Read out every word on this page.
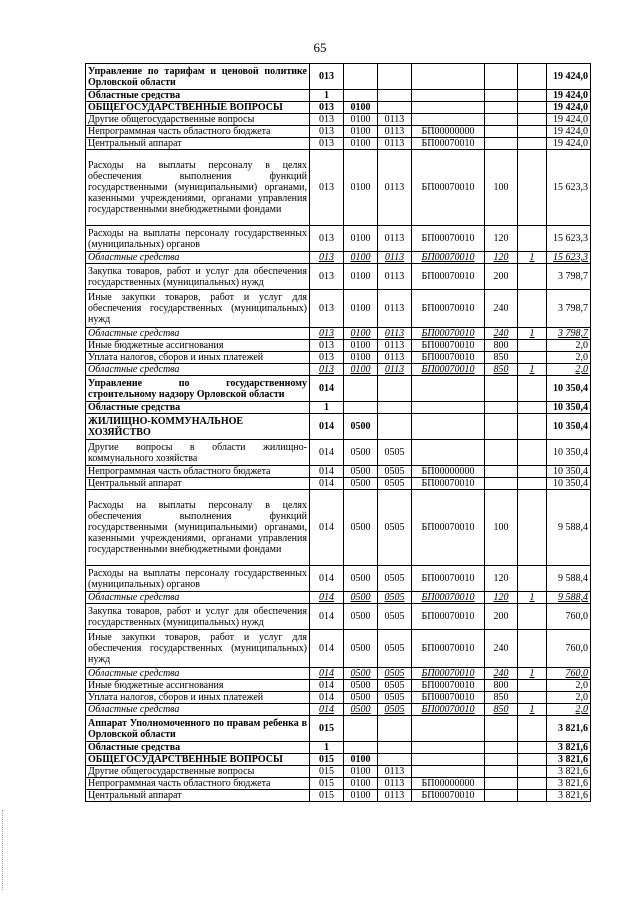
65
Управление по тарифам и ценовой политике Орловской области	013						19 424,0
Областные средства	1						19 424,0
ОБЩЕГОСУДАРСТВЕННЫЕ ВОПРОСЫ	013	0100					19 424,0
Другие общегосударственные вопросы	013	0100	0113				19 424,0
Непрограммная часть областного бюджета	013	0100	0113	БП00000000			19 424,0
Центральный аппарат	013	0100	0113	БП00070010			19 424,0
Расходы на выплаты персоналу в целях обеспечения выполнения функций государственными (муниципальными) органами, казенными учреждениями, органами управления государственными внебюджетными фондами	013	0100	0113	БП00070010	100		15 623,3
Расходы на выплаты персоналу государственных (муниципальных) органов	013	0100	0113	БП00070010	120		15 623,3
Областные средства	013	0100	0113	БП00070010	120	1	15 623,3
Закупка товаров, работ и услуг для обеспечения государственных (муниципальных) нужд	013	0100	0113	БП00070010	200		3 798,7
Иные закупки товаров, работ и услуг для обеспечения государственных (муниципальных) нужд	013	0100	0113	БП00070010	240		3 798,7
Областные средства	013	0100	0113	БП00070010	240	1	3 798,7
Иные бюджетные ассигнования	013	0100	0113	БП00070010	800		2,0
Уплата налогов, сборов и иных платежей	013	0100	0113	БП00070010	850		2,0
Областные средства	013	0100	0113	БП00070010	850	1	2,0
Управление по государственному строительному надзору Орловской области	014						10 350,4
Областные средства	1						10 350,4
ЖИЛИЩНО-КОММУНАЛЬНОЕ ХОЗЯЙСТВО	014	0500					10 350,4
Другие вопросы в области жилищно-коммунального хозяйства	014	0500	0505				10 350,4
Непрограммная часть областного бюджета	014	0500	0505	БП00000000			10 350,4
Центральный аппарат	014	0500	0505	БП00070010			10 350,4
Расходы на выплаты персоналу в целях обеспечения выполнения функций государственными (муниципальными) органами, казенными учреждениями, органами управления государственными внебюджетными фондами	014	0500	0505	БП00070010	100		9 588,4
Расходы на выплаты персоналу государственных (муниципальных) органов	014	0500	0505	БП00070010	120		9 588,4
Областные средства	014	0500	0505	БП00070010	120	1	9 588,4
Закупка товаров, работ и услуг для обеспечения государственных (муниципальных) нужд	014	0500	0505	БП00070010	200		760,0
Иные закупки товаров, работ и услуг для обеспечения государственных (муниципальных) нужд	014	0500	0505	БП00070010	240		760,0
Областные средства	014	0500	0505	БП00070010	240	1	760,0
Иные бюджетные ассигнования	014	0500	0505	БП00070010	800		2,0
Уплата налогов, сборов и иных платежей	014	0500	0505	БП00070010	850		2,0
Областные средства	014	0500	0505	БП00070010	850	1	2,0
Аппарат Уполномоченного по правам ребенка в Орловской области	015						3 821,6
Областные средства	1						3 821,6
ОБЩЕГОСУДАРСТВЕННЫЕ ВОПРОСЫ	015	0100					3 821,6
Другие общегосударственные вопросы	015	0100	0113				3 821,6
Непрограммная часть областного бюджета	015	0100	0113	БП00000000			3 821,6
Центральный аппарат	015	0100	0113	БП00070010			3 821,6
